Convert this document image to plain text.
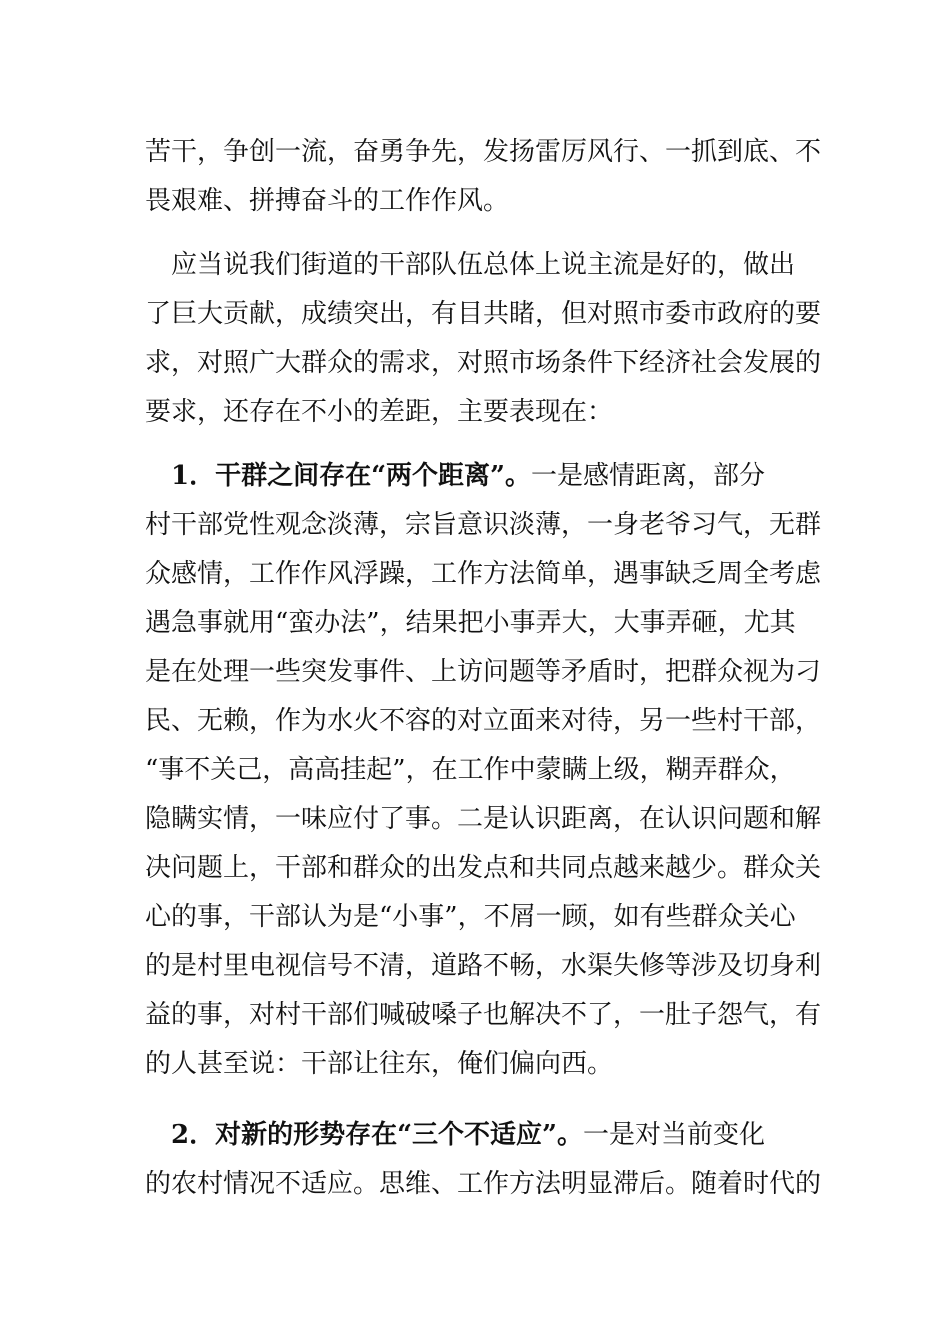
苦干，争创一流，奋勇争先，发扬雷厉风行、一抓到底、不
畏艰难、拼搏奋斗的工作作风。
　应当说我们街道的干部队伍总体上说主流是好的，做出
了巨大贡献，成绩突出，有目共睹，但对照市委市政府的要
求，对照广大群众的需求，对照市场条件下经济社会发展的
要求，还存在不小的差距，主要表现在：
　1．干群之间存在“两个距离”。一是感情距离，部分
村干部党性观念淡薄，宗旨意识淡薄，一身老爷习气，无群
众感情，工作作风浮躁，工作方法简单，遇事缺乏周全考虑
遇急事就用“蛮办法”，结果把小事弄大，大事弄砸，尤其
是在处理一些突发事件、上访问题等矛盾时，把群众视为刁
民、无赖，作为水火不容的对立面来对待，另一些村干部，
“事不关己，高高挂起”，在工作中蒙瞒上级，糊弄群众，
隐瞒实情，一味应付了事。二是认识距离，在认识问题和解
决问题上，干部和群众的出发点和共同点越来越少。群众关
心的事，干部认为是“小事”，不屑一顾，如有些群众关心
的是村里电视信号不清，道路不畅，水渠失修等涉及切身利
益的事，对村干部们喊破嗓子也解决不了，一肚子怨气，有
的人甚至说：干部让往东，俺们偏向西。
　2．对新的形势存在“三个不适应”。一是对当前变化
的农村情况不适应。思维、工作方法明显滞后。随着时代的
